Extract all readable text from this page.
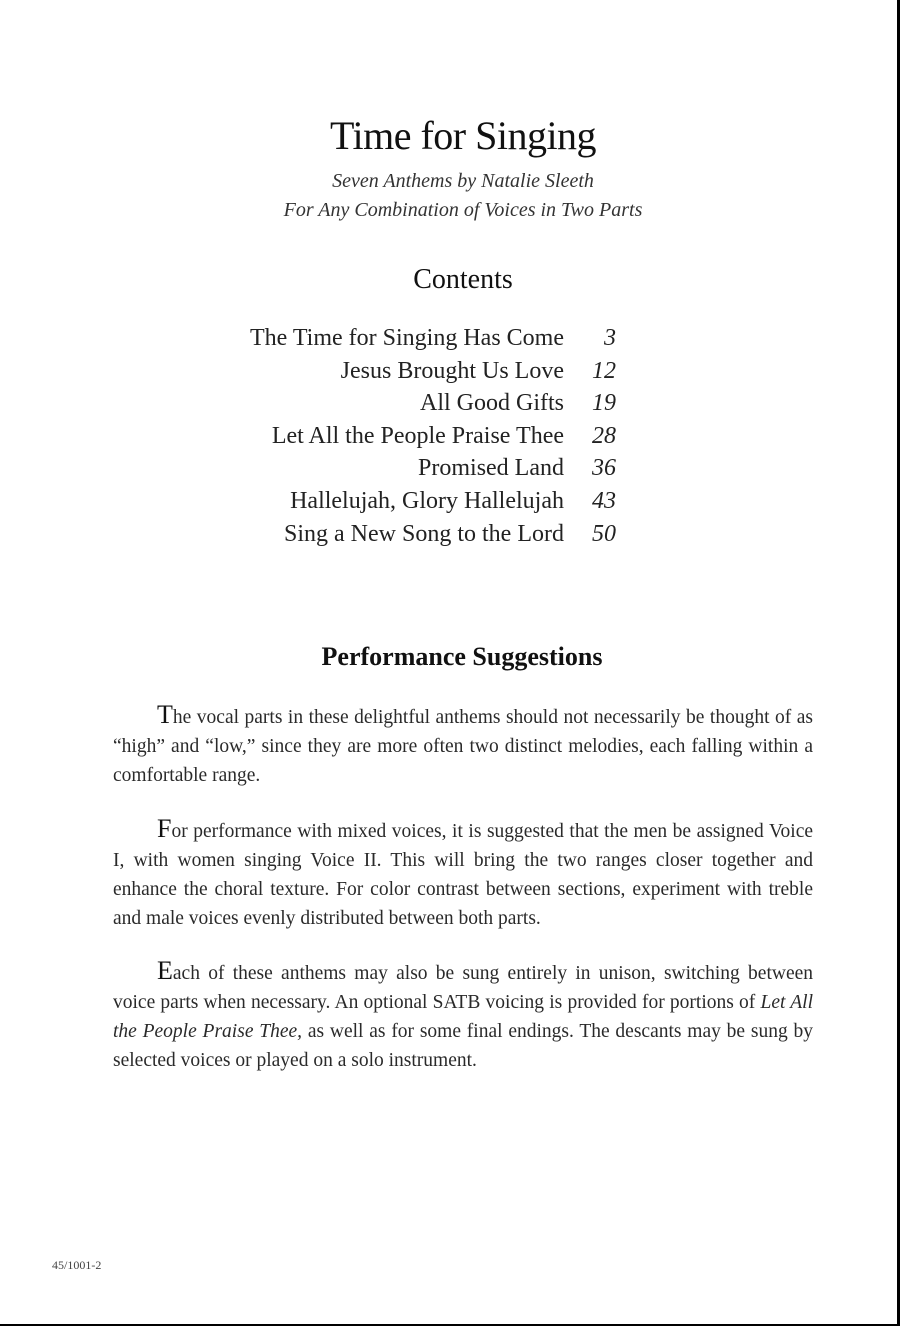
Time for Singing
Seven Anthems by Natalie Sleeth
For Any Combination of Voices in Two Parts
Contents
The Time for Singing Has Come	3
Jesus Brought Us Love	12
All Good Gifts	19
Let All the People Praise Thee	28
Promised Land	36
Hallelujah, Glory Hallelujah	43
Sing a New Song to the Lord	50
Performance Suggestions
The vocal parts in these delightful anthems should not necessarily be thought of as “high” and “low,” since they are more often two distinct melodies, each falling within a comfortable range.
For performance with mixed voices, it is suggested that the men be assigned Voice I, with women singing Voice II. This will bring the two ranges closer together and enhance the choral texture. For color contrast between sections, experiment with treble and male voices evenly distributed between both parts.
Each of these anthems may also be sung entirely in unison, switching between voice parts when necessary. An optional SATB voicing is provided for portions of Let All the People Praise Thee, as well as for some final endings. The descants may be sung by selected voices or played on a solo instrument.
45/1001-2
